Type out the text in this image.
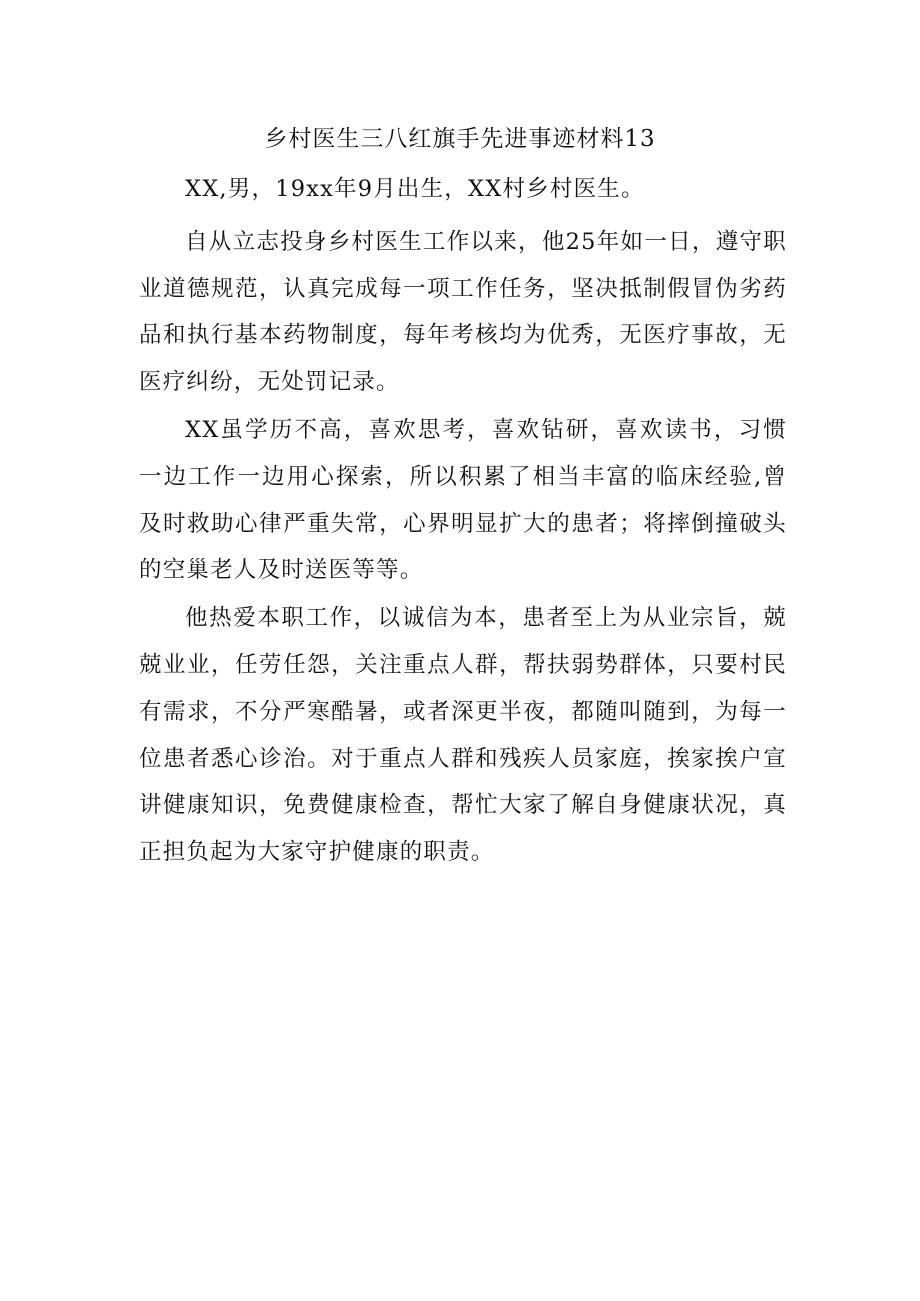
乡村医生三八红旗手先进事迹材料13

XX,男，19xx年9月出生，XX村乡村医生。

自从立志投身乡村医生工作以来，他25年如一日，遵守职业道德规范，认真完成每一项工作任务，坚决抵制假冒伪劣药品和执行基本药物制度，每年考核均为优秀，无医疗事故，无医疗纠纷，无处罚记录。

XX虽学历不高，喜欢思考，喜欢钻研，喜欢读书，习惯一边工作一边用心探索，所以积累了相当丰富的临床经验,曾及时救助心律严重失常，心界明显扩大的患者；将摔倒撞破头的空巢老人及时送医等等。

他热爱本职工作，以诚信为本，患者至上为从业宗旨，兢兢业业，任劳任怨，关注重点人群，帮扶弱势群体，只要村民有需求，不分严寒酷暑，或者深更半夜，都随叫随到，为每一位患者悉心诊治。对于重点人群和残疾人员家庭，挨家挨户宣讲健康知识，免费健康检查，帮忙大家了解自身健康状况，真正担负起为大家守护健康的职责。
